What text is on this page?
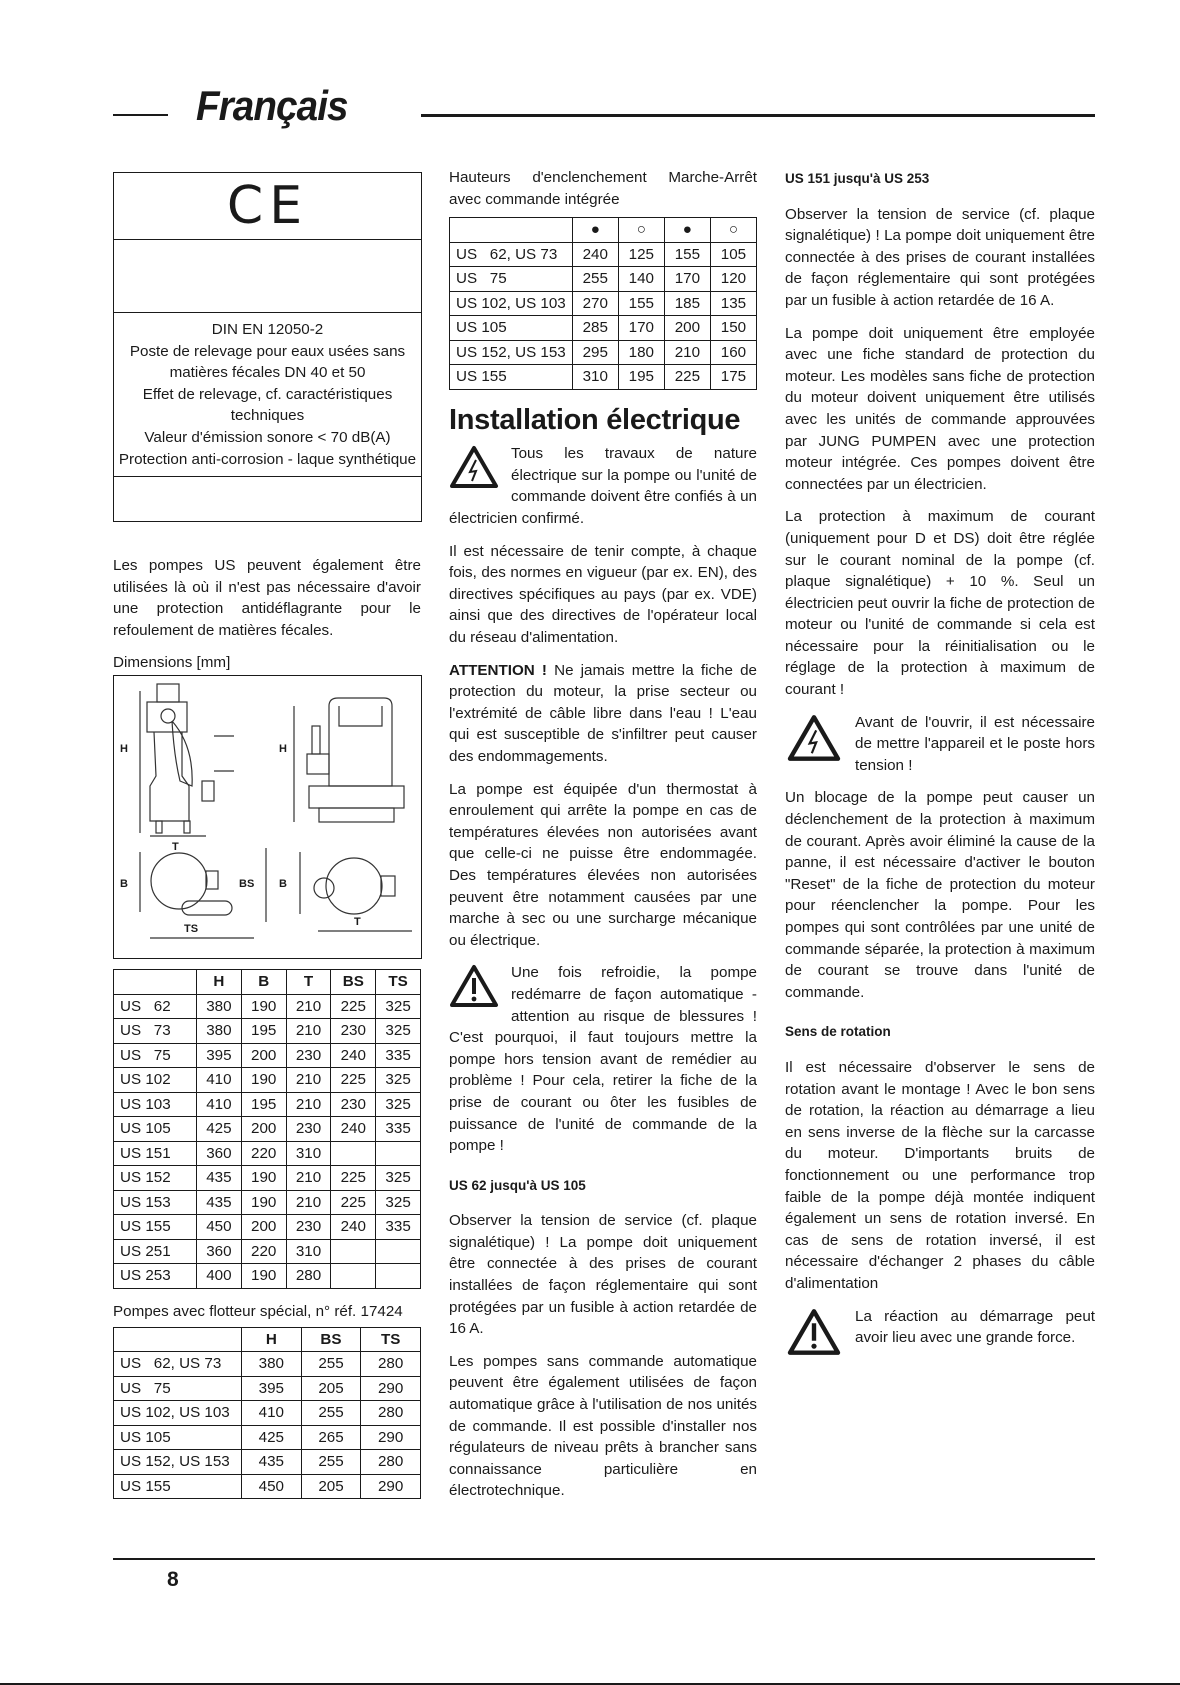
Français
CE
DIN EN 12050-2
Poste de relevage pour eaux usées sans matières fécales DN 40 et 50
Effet de relevage, cf. caractéristiques techniques
Valeur d'émission sonore < 70 dB(A)
Protection anti-corrosion - laque synthétique

Les pompes US peuvent également être utilisées là où il n'est pas nécessaire d'avoir une protection antidéflagrante pour le refoulement de matières fécales.

Dimensions [mm]
H	H
T
B	BS
TS
B
T
	H	B	T	BS	TS
US   62	380	190	210	225	325
US   73	380	195	210	230	325
US   75	395	200	230	240	335
US 102	410	190	210	225	325
US 103	410	195	210	230	325
US 105	425	200	230	240	335
US 151	360	220	310		
US 152	435	190	210	225	325
US 153	435	190	210	225	325
US 155	450	200	230	240	335
US 251	360	220	310		
US 253	400	190	280		
Pompes avec flotteur spécial, n° réf. 17424
	H	BS	TS
US   62, US 73	380	255	280
US   75	395	205	290
US 102, US 103	410	255	280
US 105	425	265	290
US 152, US 153	435	255	280
US 155	450	205	290
Hauteurs d'enclenchement Marche-Arrêt avec commande intégrée
	●	○	●	○
US   62, US 73	240	125	155	105
US   75	255	140	170	120
US 102, US 103	270	155	185	135
US 105	285	170	200	150
US 152, US 153	295	180	210	160
US 155	310	195	225	175
Installation électrique

Tous les travaux de nature électrique sur la pompe ou l'unité de commande doivent être confiés à un électricien confirmé.

Il est nécessaire de tenir compte, à chaque fois, des normes en vigueur (par ex. EN), des directives spécifiques au pays (par ex. VDE) ainsi que des directives de l'opérateur local du réseau d'alimentation.

ATTENTION ! Ne jamais mettre la fiche de protection du moteur, la prise secteur ou l'extrémité de câble libre dans l'eau ! L'eau qui est susceptible de s'infiltrer peut causer des endommagements.

La pompe est équipée d'un thermostat à enroulement qui arrête la pompe en cas de températures élevées non autorisées avant que celle-ci ne puisse être endommagée. Des températures élevées non autorisées peuvent être notamment causées par une marche à sec ou une surcharge mécanique ou électrique.

Une fois refroidie, la pompe redémarre de façon automatique - attention au risque de blessures ! C'est pourquoi, il faut toujours mettre la pompe hors tension avant de remédier au problème ! Pour cela, retirer la fiche de la prise de courant ou ôter les fusibles de puissance de l'unité de commande de la pompe !

US 62 jusqu'à US 105

Observer la tension de service (cf. plaque signalétique) ! La pompe doit uniquement être connectée à des prises de courant installées de façon réglementaire qui sont protégées par un fusible à action retardée de 16 A.

Les pompes sans commande automatique peuvent être également utilisées de façon automatique grâce à l'utilisation de nos unités de commande. Il est possible d'installer nos régulateurs de niveau prêts à brancher sans connaissance particulière en électrotechnique.

US 151 jusqu'à US 253

Observer la tension de service (cf. plaque signalétique) ! La pompe doit uniquement être connectée à des prises de courant installées de façon réglementaire qui sont protégées par un fusible à action retardée de 16 A.

La pompe doit uniquement être employée avec une fiche standard de protection du moteur. Les modèles sans fiche de protection du moteur doivent uniquement être utilisés avec les unités de commande approuvées par JUNG PUMPEN avec une protection moteur intégrée. Ces pompes doivent être connectées par un électricien.

La protection à maximum de courant (uniquement pour D et DS) doit être réglée sur le courant nominal de la pompe (cf. plaque signalétique) + 10 %. Seul un électricien peut ouvrir la fiche de protection de moteur ou l'unité de commande si cela est nécessaire pour la réinitialisation ou le réglage de la protection à maximum de courant !

Avant de l'ouvrir, il est nécessaire de mettre l'appareil et le poste hors tension !

Un blocage de la pompe peut causer un déclenchement de la protection à maximum de courant. Après avoir éliminé la cause de la panne, il est nécessaire d'activer le bouton "Reset" de la fiche de protection du moteur pour réenclencher la pompe. Pour les pompes qui sont contrôlées par une unité de commande séparée, la protection à maximum de courant se trouve dans l'unité de commande.

Sens de rotation

Il est nécessaire d'observer le sens de rotation avant le montage ! Avec le bon sens de rotation, la réaction au démarrage a lieu en sens inverse de la flèche sur la carcasse du moteur. D'importants bruits de fonctionnement ou une performance trop faible de la pompe déjà montée indiquent également un sens de rotation inversé. En cas de sens de rotation inversé, il est nécessaire d'échanger 2 phases du câble d'alimentation

La réaction au démarrage peut avoir lieu avec une grande force.

8
